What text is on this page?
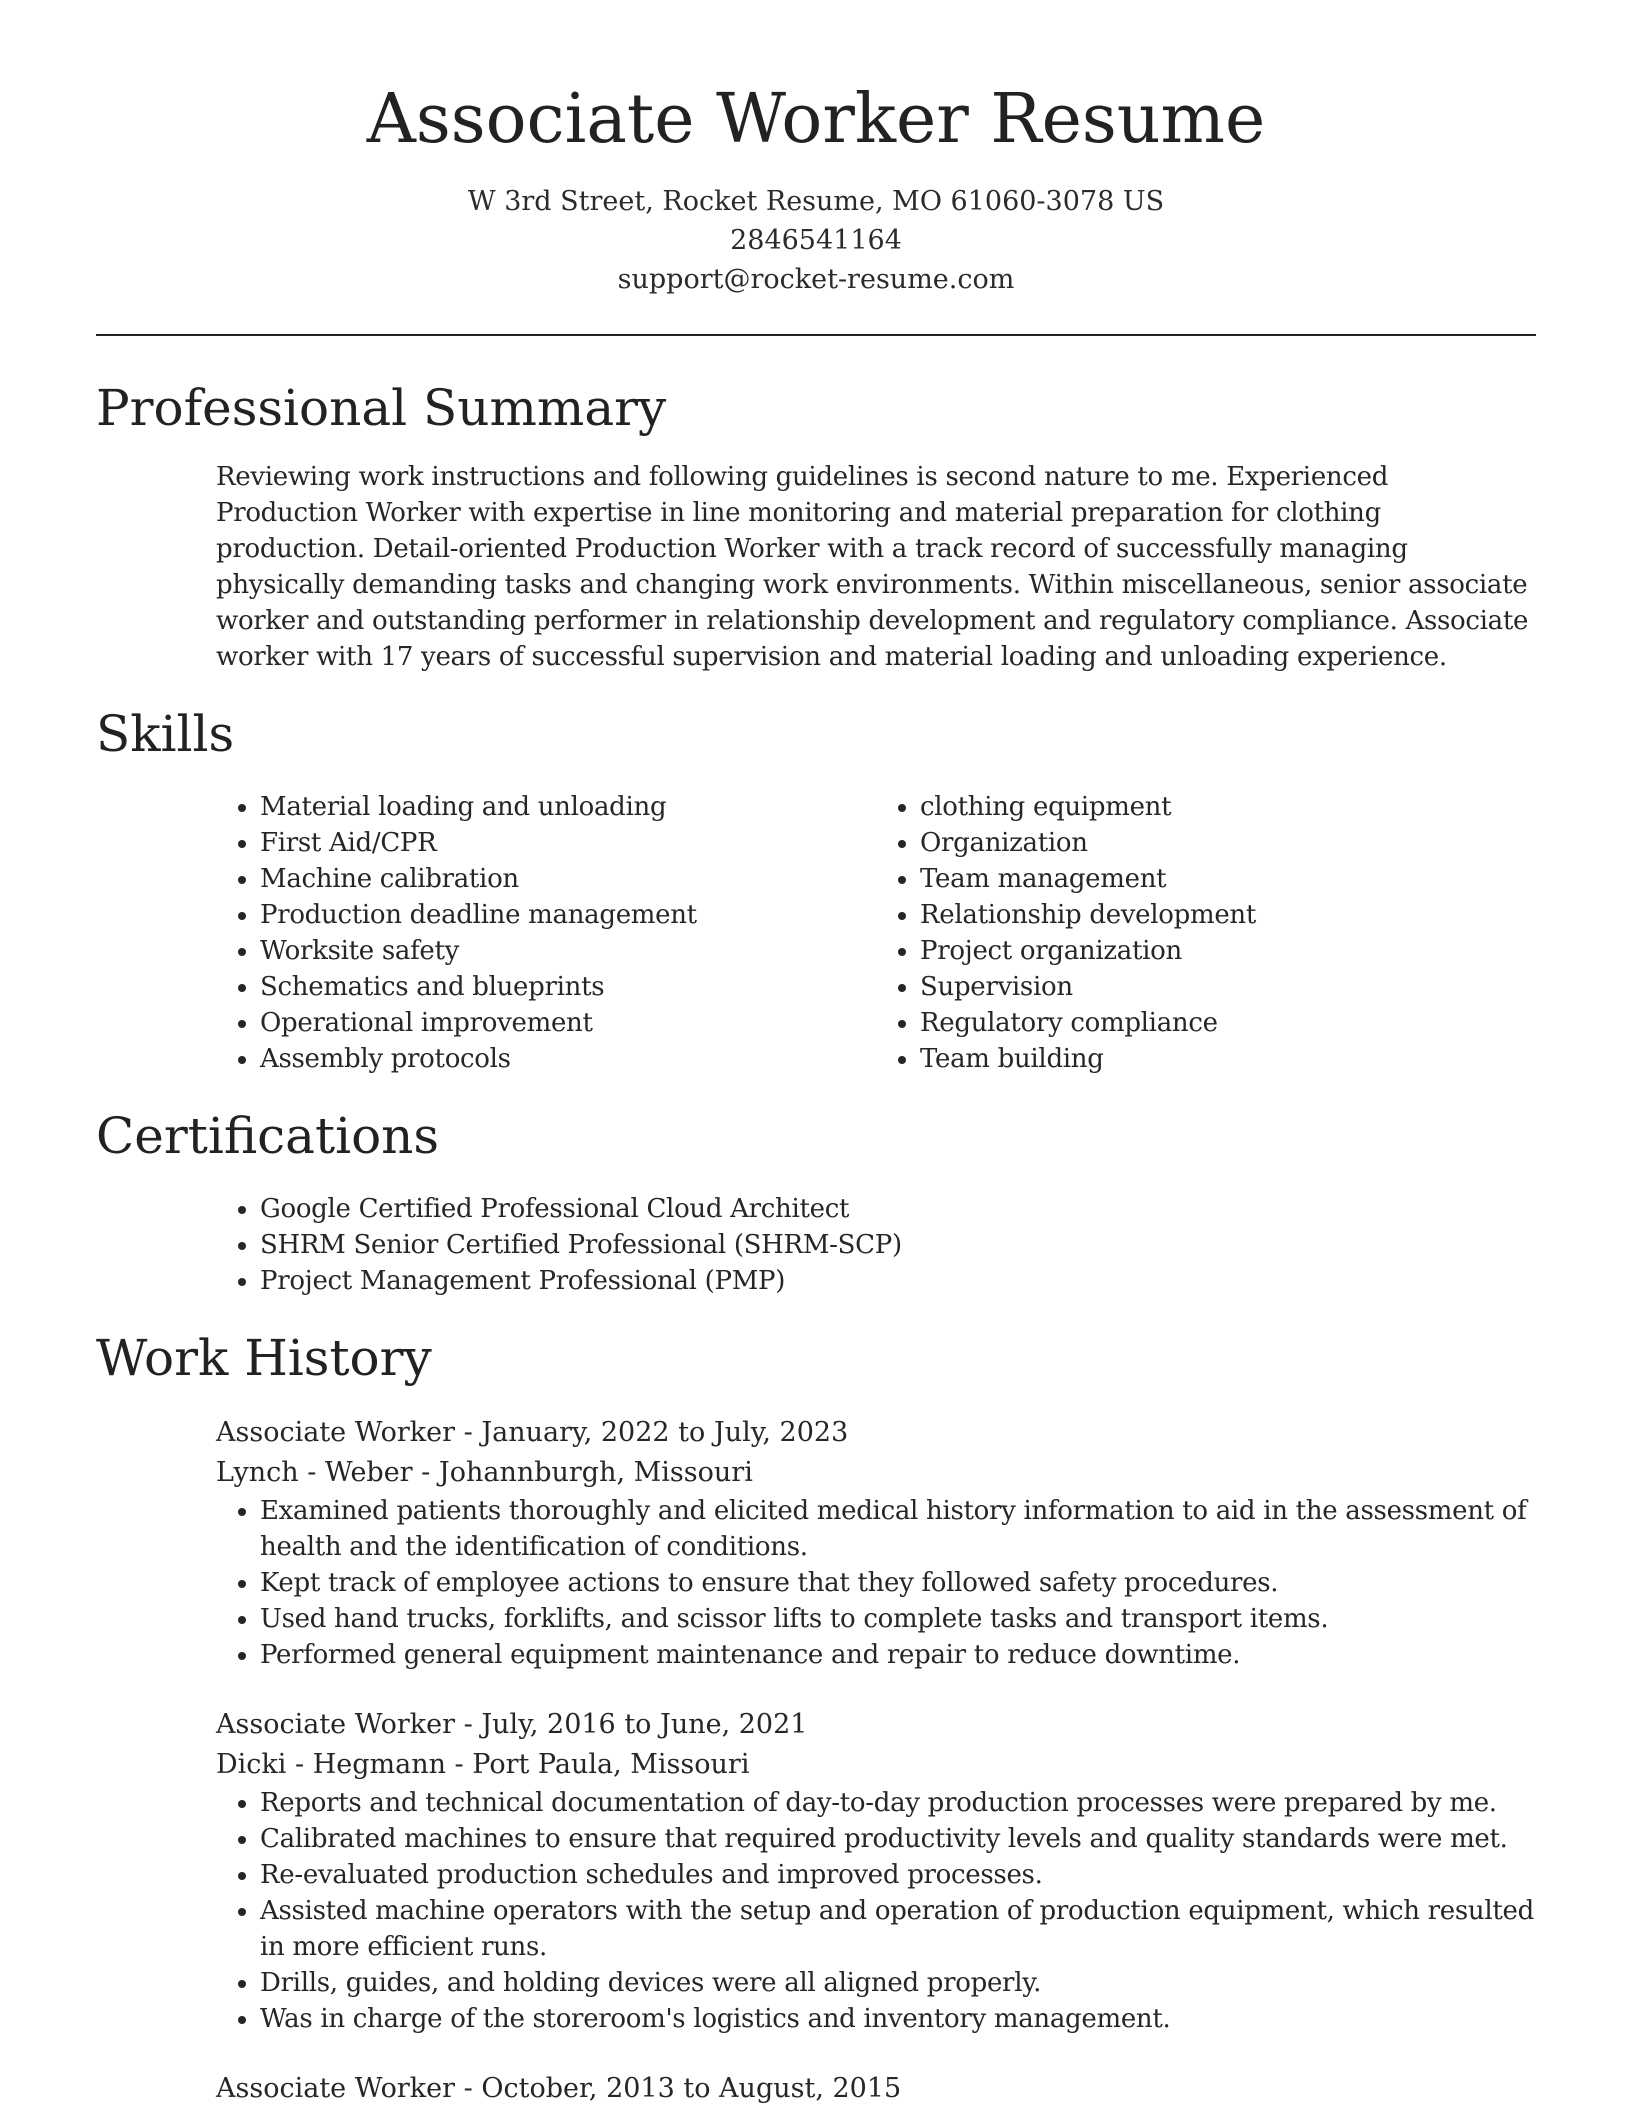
Associate Worker Resume
W 3rd Street, Rocket Resume, MO 61060-3078 US
2846541164
support@rocket-resume.com
Professional Summary
Reviewing work instructions and following guidelines is second nature to me. Experienced Production Worker with expertise in line monitoring and material preparation for clothing production. Detail-oriented Production Worker with a track record of successfully managing physically demanding tasks and changing work environments. Within miscellaneous, senior associate worker and outstanding performer in relationship development and regulatory compliance. Associate worker with 17 years of successful supervision and material loading and unloading experience.
Skills
• Material loading and unloading
• First Aid/CPR
• Machine calibration
• Production deadline management
• Worksite safety
• Schematics and blueprints
• Operational improvement
• Assembly protocols
• clothing equipment
• Organization
• Team management
• Relationship development
• Project organization
• Supervision
• Regulatory compliance
• Team building
Certifications
• Google Certified Professional Cloud Architect
• SHRM Senior Certified Professional (SHRM-SCP)
• Project Management Professional (PMP)
Work History
Associate Worker - January, 2022 to July, 2023
Lynch - Weber - Johannburgh, Missouri
• Examined patients thoroughly and elicited medical history information to aid in the assessment of health and the identification of conditions.
• Kept track of employee actions to ensure that they followed safety procedures.
• Used hand trucks, forklifts, and scissor lifts to complete tasks and transport items.
• Performed general equipment maintenance and repair to reduce downtime.
Associate Worker - July, 2016 to June, 2021
Dicki - Hegmann - Port Paula, Missouri
• Reports and technical documentation of day-to-day production processes were prepared by me.
• Calibrated machines to ensure that required productivity levels and quality standards were met.
• Re-evaluated production schedules and improved processes.
• Assisted machine operators with the setup and operation of production equipment, which resulted in more efficient runs.
• Drills, guides, and holding devices were all aligned properly.
• Was in charge of the storeroom's logistics and inventory management.
Associate Worker - October, 2013 to August, 2015
